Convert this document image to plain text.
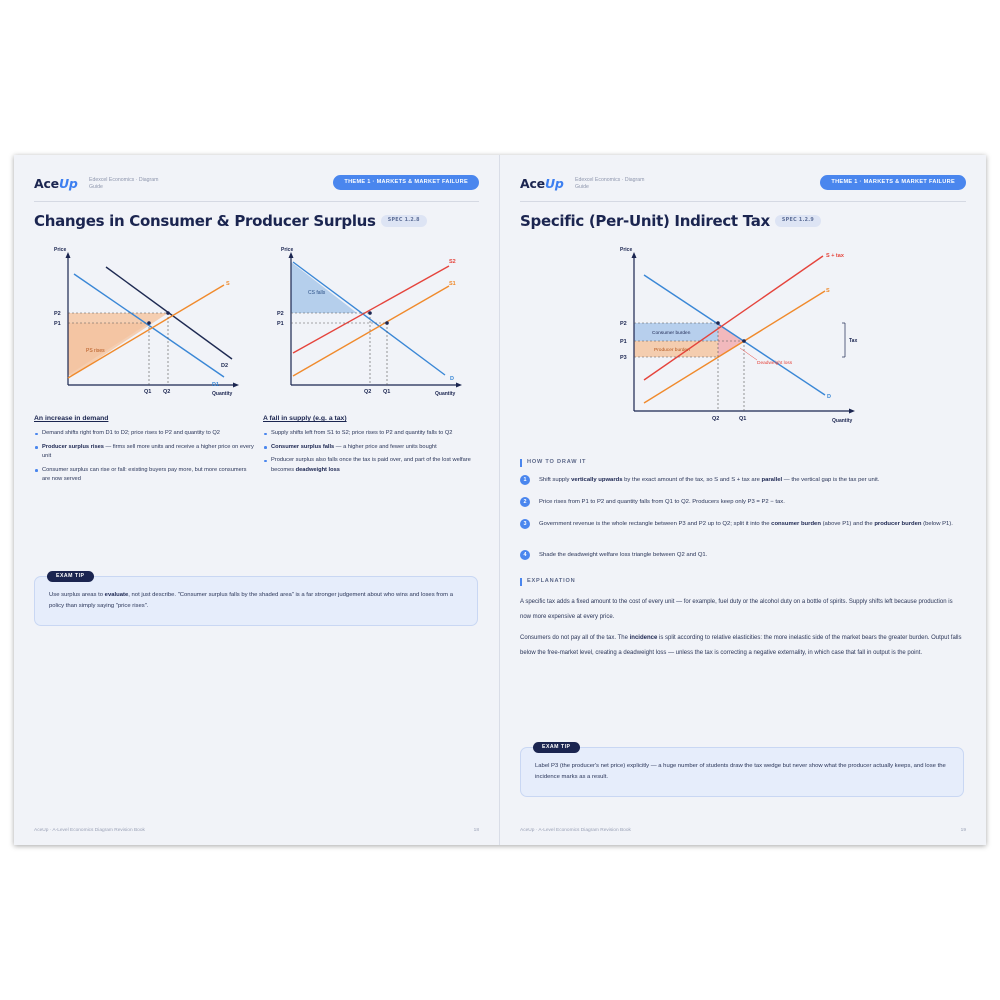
AceUp Edexcel Economics · Diagram Guide
THEME 1 · MARKETS & MARKET FAILURE
Changes in Consumer & Producer Surplus	SPEC 1.2.8
Price
Quantity
S
D2
D1
P2
P1
Q1 Q2
PS rises
Price
Quantity
S2
S1
D
P2
P1
Q2 Q1
CS falls
An increase in demand
Demand shifts right from D1 to D2; price rises to P2 and quantity to Q2
Producer surplus rises — firms sell more units and receive a higher price on every unit
Consumer surplus can rise or fall: existing buyers pay more, but more consumers are now served
A fall in supply (e.g. a tax)
Supply shifts left from S1 to S2; price rises to P2 and quantity falls to Q2
Consumer surplus falls — a higher price and fewer units bought
Producer surplus also falls once the tax is paid over, and part of the lost welfare becomes deadweight loss
Use surplus areas to evaluate, not just describe. "Consumer surplus falls by the shaded area" is a far stronger judgement about who wins and loses from a policy than simply saying "price rises".
EXAM TIP
AceUp · A-Level Economics Diagram Revision Book	18
AceUp Edexcel Economics · Diagram Guide
THEME 1 · MARKETS & MARKET FAILURE
Specific (Per-Unit) Indirect Tax	SPEC 1.2.9
Price
Quantity
S + tax
S
D
P2
P1
P3
Q2	Q1
Consumer burden
Producer burden
Deadweight loss
Tax
HOW TO DRAW IT
1	Shift supply vertically upwards by the exact amount of the tax, so S and S + tax are parallel — the vertical gap is the tax per unit.
2	Price rises from P1 to P2 and quantity falls from Q1 to Q2. Producers keep only P3 = P2 − tax.
3	Government revenue is the whole rectangle between P3 and P2 up to Q2; split it into the consumer burden (above P1) and the producer burden (below P1).
4	Shade the deadweight welfare loss triangle between Q2 and Q1.
EXPLANATION
A specific tax adds a fixed amount to the cost of every unit — for example, fuel duty or the alcohol duty on a bottle of spirits. Supply shifts left because production is now more expensive at every price.
Consumers do not pay all of the tax. The incidence is split according to relative elasticities: the more inelastic side of the market bears the greater burden. Output falls below the free-market level, creating a deadweight loss — unless the tax is correcting a negative externality, in which case that fall in output is the point.
Label P3 (the producer's net price) explicitly — a huge number of students draw the tax wedge but never show what the producer actually keeps, and lose the incidence marks as a result.
EXAM TIP
AceUp · A-Level Economics Diagram Revision Book	19
